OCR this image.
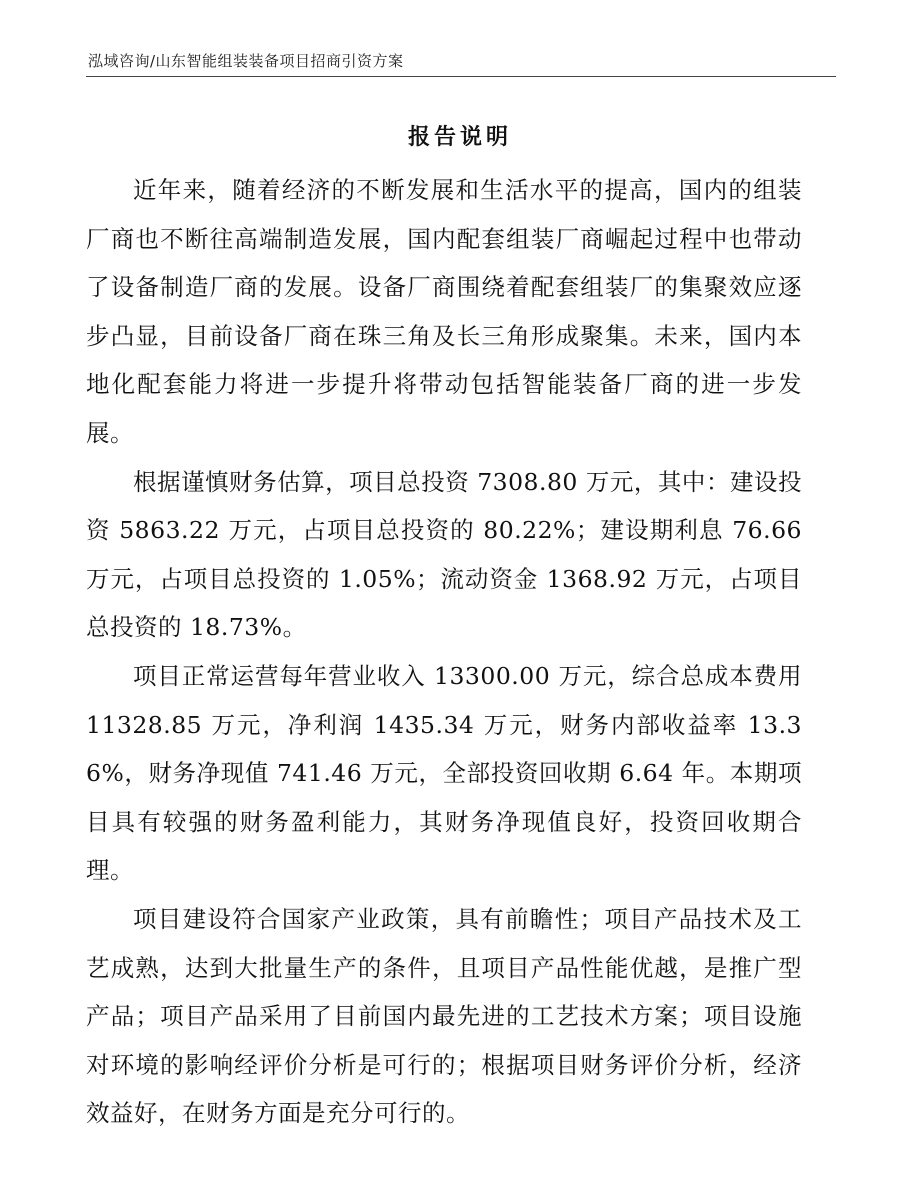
泓域咨询/山东智能组装装备项目招商引资方案
报告说明

近年来，随着经济的不断发展和生活水平的提高，国内的组装厂商也不断往高端制造发展，国内配套组装厂商崛起过程中也带动了设备制造厂商的发展。设备厂商围绕着配套组装厂的集聚效应逐步凸显，目前设备厂商在珠三角及长三角形成聚集。未来，国内本地化配套能力将进一步提升将带动包括智能装备厂商的进一步发展。

根据谨慎财务估算，项目总投资 7308.80 万元，其中：建设投资 5863.22 万元，占项目总投资的 80.22%；建设期利息 76.66 万元，占项目总投资的 1.05%；流动资金 1368.92 万元，占项目总投资的 18.73%。

项目正常运营每年营业收入 13300.00 万元，综合总成本费用 11328.85 万元，净利润 1435.34 万元，财务内部收益率 13.36%，财务净现值 741.46 万元，全部投资回收期 6.64 年。本期项目具有较强的财务盈利能力，其财务净现值良好，投资回收期合理。

项目建设符合国家产业政策，具有前瞻性；项目产品技术及工艺成熟，达到大批量生产的条件，且项目产品性能优越，是推广型产品；项目产品采用了目前国内最先进的工艺技术方案；项目设施对环境的影响经评价分析是可行的；根据项目财务评价分析，经济效益好，在财务方面是充分可行的。
